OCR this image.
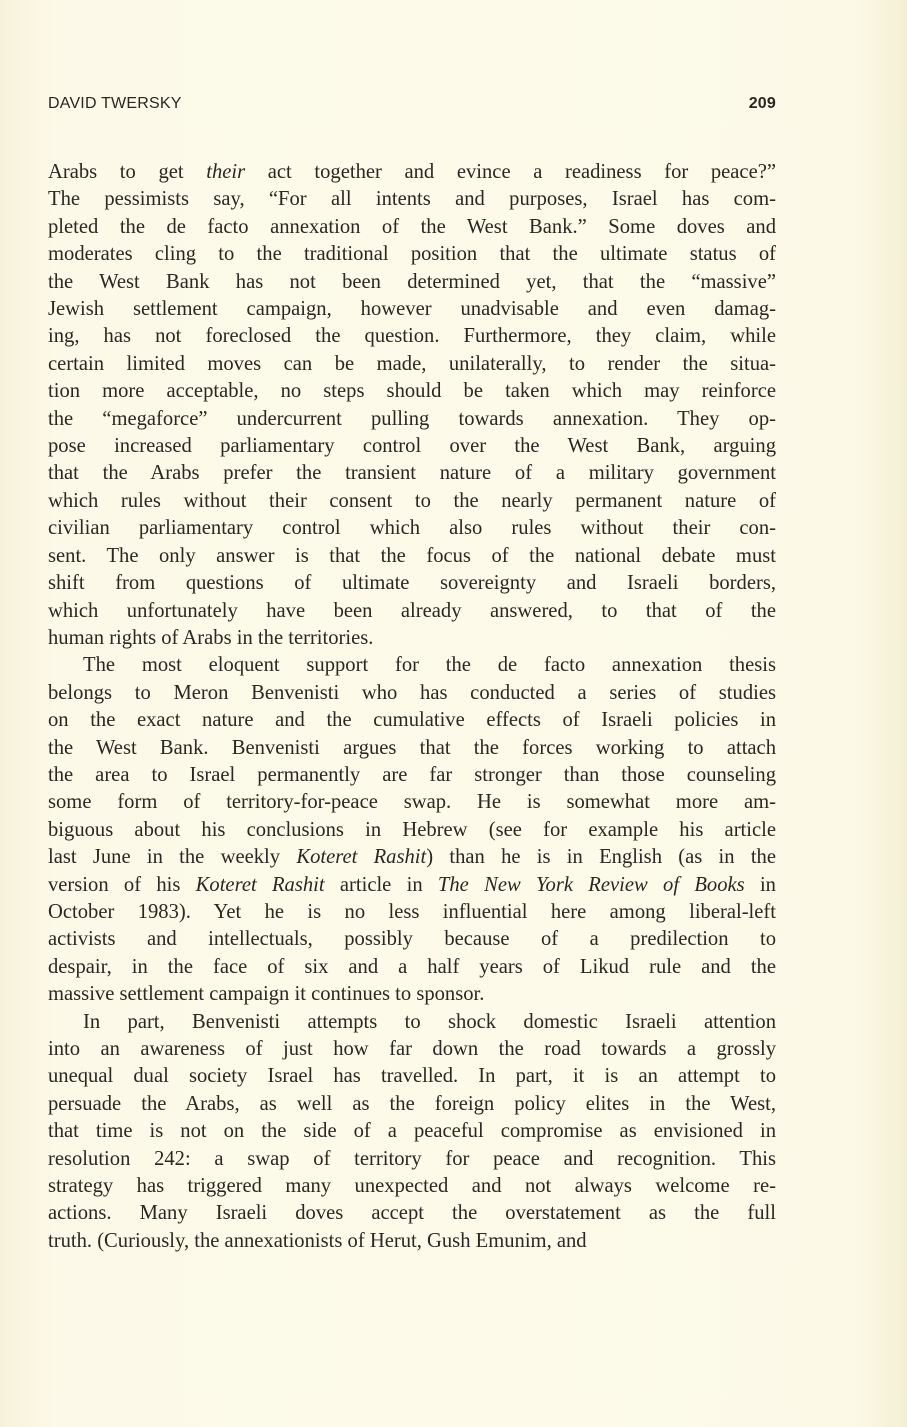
DAVID TWERSKY	209

Arabs to get their act together and evince a readiness for peace?”
The pessimists say, “For all intents and purposes, Israel has com-
pleted the de facto annexation of the West Bank.” Some doves and
moderates cling to the traditional position that the ultimate status of
the West Bank has not been determined yet, that the “massive”
Jewish settlement campaign, however unadvisable and even damag-
ing, has not foreclosed the question. Furthermore, they claim, while
certain limited moves can be made, unilaterally, to render the situa-
tion more acceptable, no steps should be taken which may reinforce
the “megaforce” undercurrent pulling towards annexation. They op-
pose increased parliamentary control over the West Bank, arguing
that the Arabs prefer the transient nature of a military government
which rules without their consent to the nearly permanent nature of
civilian parliamentary control which also rules without their con-
sent. The only answer is that the focus of the national debate must
shift from questions of ultimate sovereignty and Israeli borders,
which unfortunately have been already answered, to that of the
human rights of Arabs in the territories.

The most eloquent support for the de facto annexation thesis
belongs to Meron Benvenisti who has conducted a series of studies
on the exact nature and the cumulative effects of Israeli policies in
the West Bank. Benvenisti argues that the forces working to attach
the area to Israel permanently are far stronger than those counseling
some form of territory-for-peace swap. He is somewhat more am-
biguous about his conclusions in Hebrew (see for example his article
last June in the weekly Koteret Rashit) than he is in English (as in the
version of his Koteret Rashit article in The New York Review of Books in
October 1983). Yet he is no less influential here among liberal-left
activists and intellectuals, possibly because of a predilection to
despair, in the face of six and a half years of Likud rule and the
massive settlement campaign it continues to sponsor.

In part, Benvenisti attempts to shock domestic Israeli attention
into an awareness of just how far down the road towards a grossly
unequal dual society Israel has travelled. In part, it is an attempt to
persuade the Arabs, as well as the foreign policy elites in the West,
that time is not on the side of a peaceful compromise as envisioned in
resolution 242: a swap of territory for peace and recognition. This
strategy has triggered many unexpected and not always welcome re-
actions. Many Israeli doves accept the overstatement as the full
truth. (Curiously, the annexationists of Herut, Gush Emunim, and
